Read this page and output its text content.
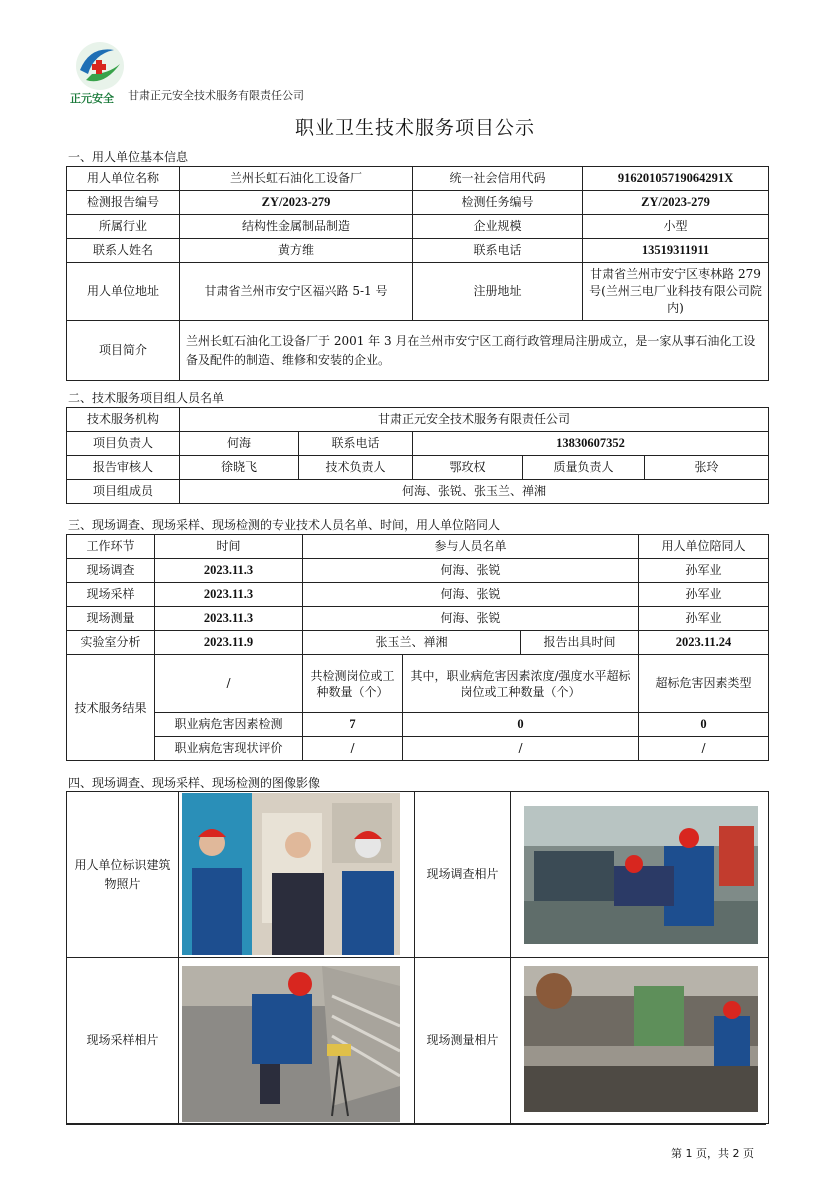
正元安全 甘肃正元安全技术服务有限责任公司
职业卫生技术服务项目公示
一、用人单位基本信息
用人单位名称	兰州长虹石油化工设备厂	统一社会信用代码	91620105719064291X
检测报告编号	ZY/2023-279	检测任务编号	ZY/2023-279
所属行业	结构性金属制品制造	企业规模	小型
联系人姓名	黄方维	联系电话	13519311911
用人单位地址	甘肃省兰州市安宁区福兴路 5-1 号	注册地址	甘肃省兰州市安宁区枣林路 279 号(兰州三电厂业科技有限公司院内)
项目简介	兰州长虹石油化工设备厂于 2001 年 3 月在兰州市安宁区工商行政管理局注册成立，是一家从事石油化工设备及配件的制造、维修和安装的企业。		
二、技术服务项目组人员名单
技术服务机构	甘肃正元安全技术服务有限责任公司				
项目负责人	何海	联系电话	13830607352		
报告审核人	徐晓飞	技术负责人	鄂玫权	质量负责人	张玲
项目组成员	何海、张锐、张玉兰、禅湘				
三、现场调查、现场采样、现场检测的专业技术人员名单、时间，用人单位陪同人
工作环节	时间	参与人员名单			用人单位陪同人
现场调查	2023.11.3	何海、张锐			孙军业
现场采样	2023.11.3	何海、张锐			孙军业
现场测量	2023.11.3	何海、张锐			孙军业
实验室分析	2023.11.9	张玉兰、禅湘		报告出具时间	2023.11.24
技术服务结果	/	共检测岗位或工种数量（个）	其中，职业病危害因素浓度/强度水平超标岗位或工种数量（个）		超标危害因素类型
	职业病危害因素检测	7	0		0
	职业病危害现状评价	/	/		/
四、现场调查、现场采样、现场检测的图像影像
用人单位标识建筑物照片		现场调查相片	
现场采样相片		现场测量相片	
第 1 页，共 2 页
